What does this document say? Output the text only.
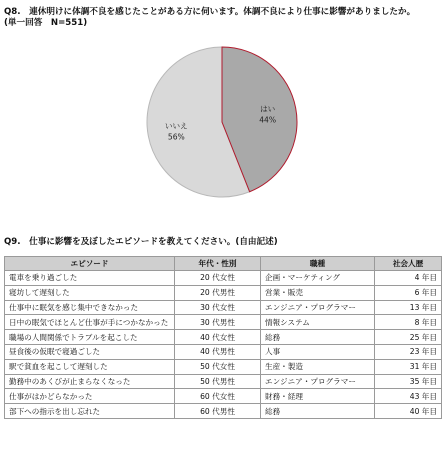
Q8.　連休明けに体調不良を感じたことがある方に伺います。体調不良により仕事に影響がありましたか。
(単一回答　N=551)
いいえ
56%
はい
44%
Q9.　仕事に影響を及ぼしたエピソードを教えてください。(自由記述)
エピソード	年代・性別	職種	社会人歴
電車を乗り過ごした	20 代女性	企画・マーケティング	4 年目
寝坊して遅刻した	20 代男性	営業・販売	6 年目
仕事中に眠気を感じ集中できなかった	30 代女性	エンジニア・プログラマー	13 年目
日中の眠気でほとんど仕事が手につかなかった	30 代男性	情報システム	8 年目
職場の人間関係でトラブルを起こした	40 代女性	総務	25 年目
昼食後の仮眠で寝過ごした	40 代男性	人事	23 年目
駅で貧血を起こして遅刻した	50 代女性	生産・製造	31 年目
勤務中のあくびが止まらなくなった	50 代男性	エンジニア・プログラマー	35 年目
仕事がはかどらなかった	60 代女性	財務・経理	43 年目
部下への指示を出し忘れた	60 代男性	総務	40 年目
